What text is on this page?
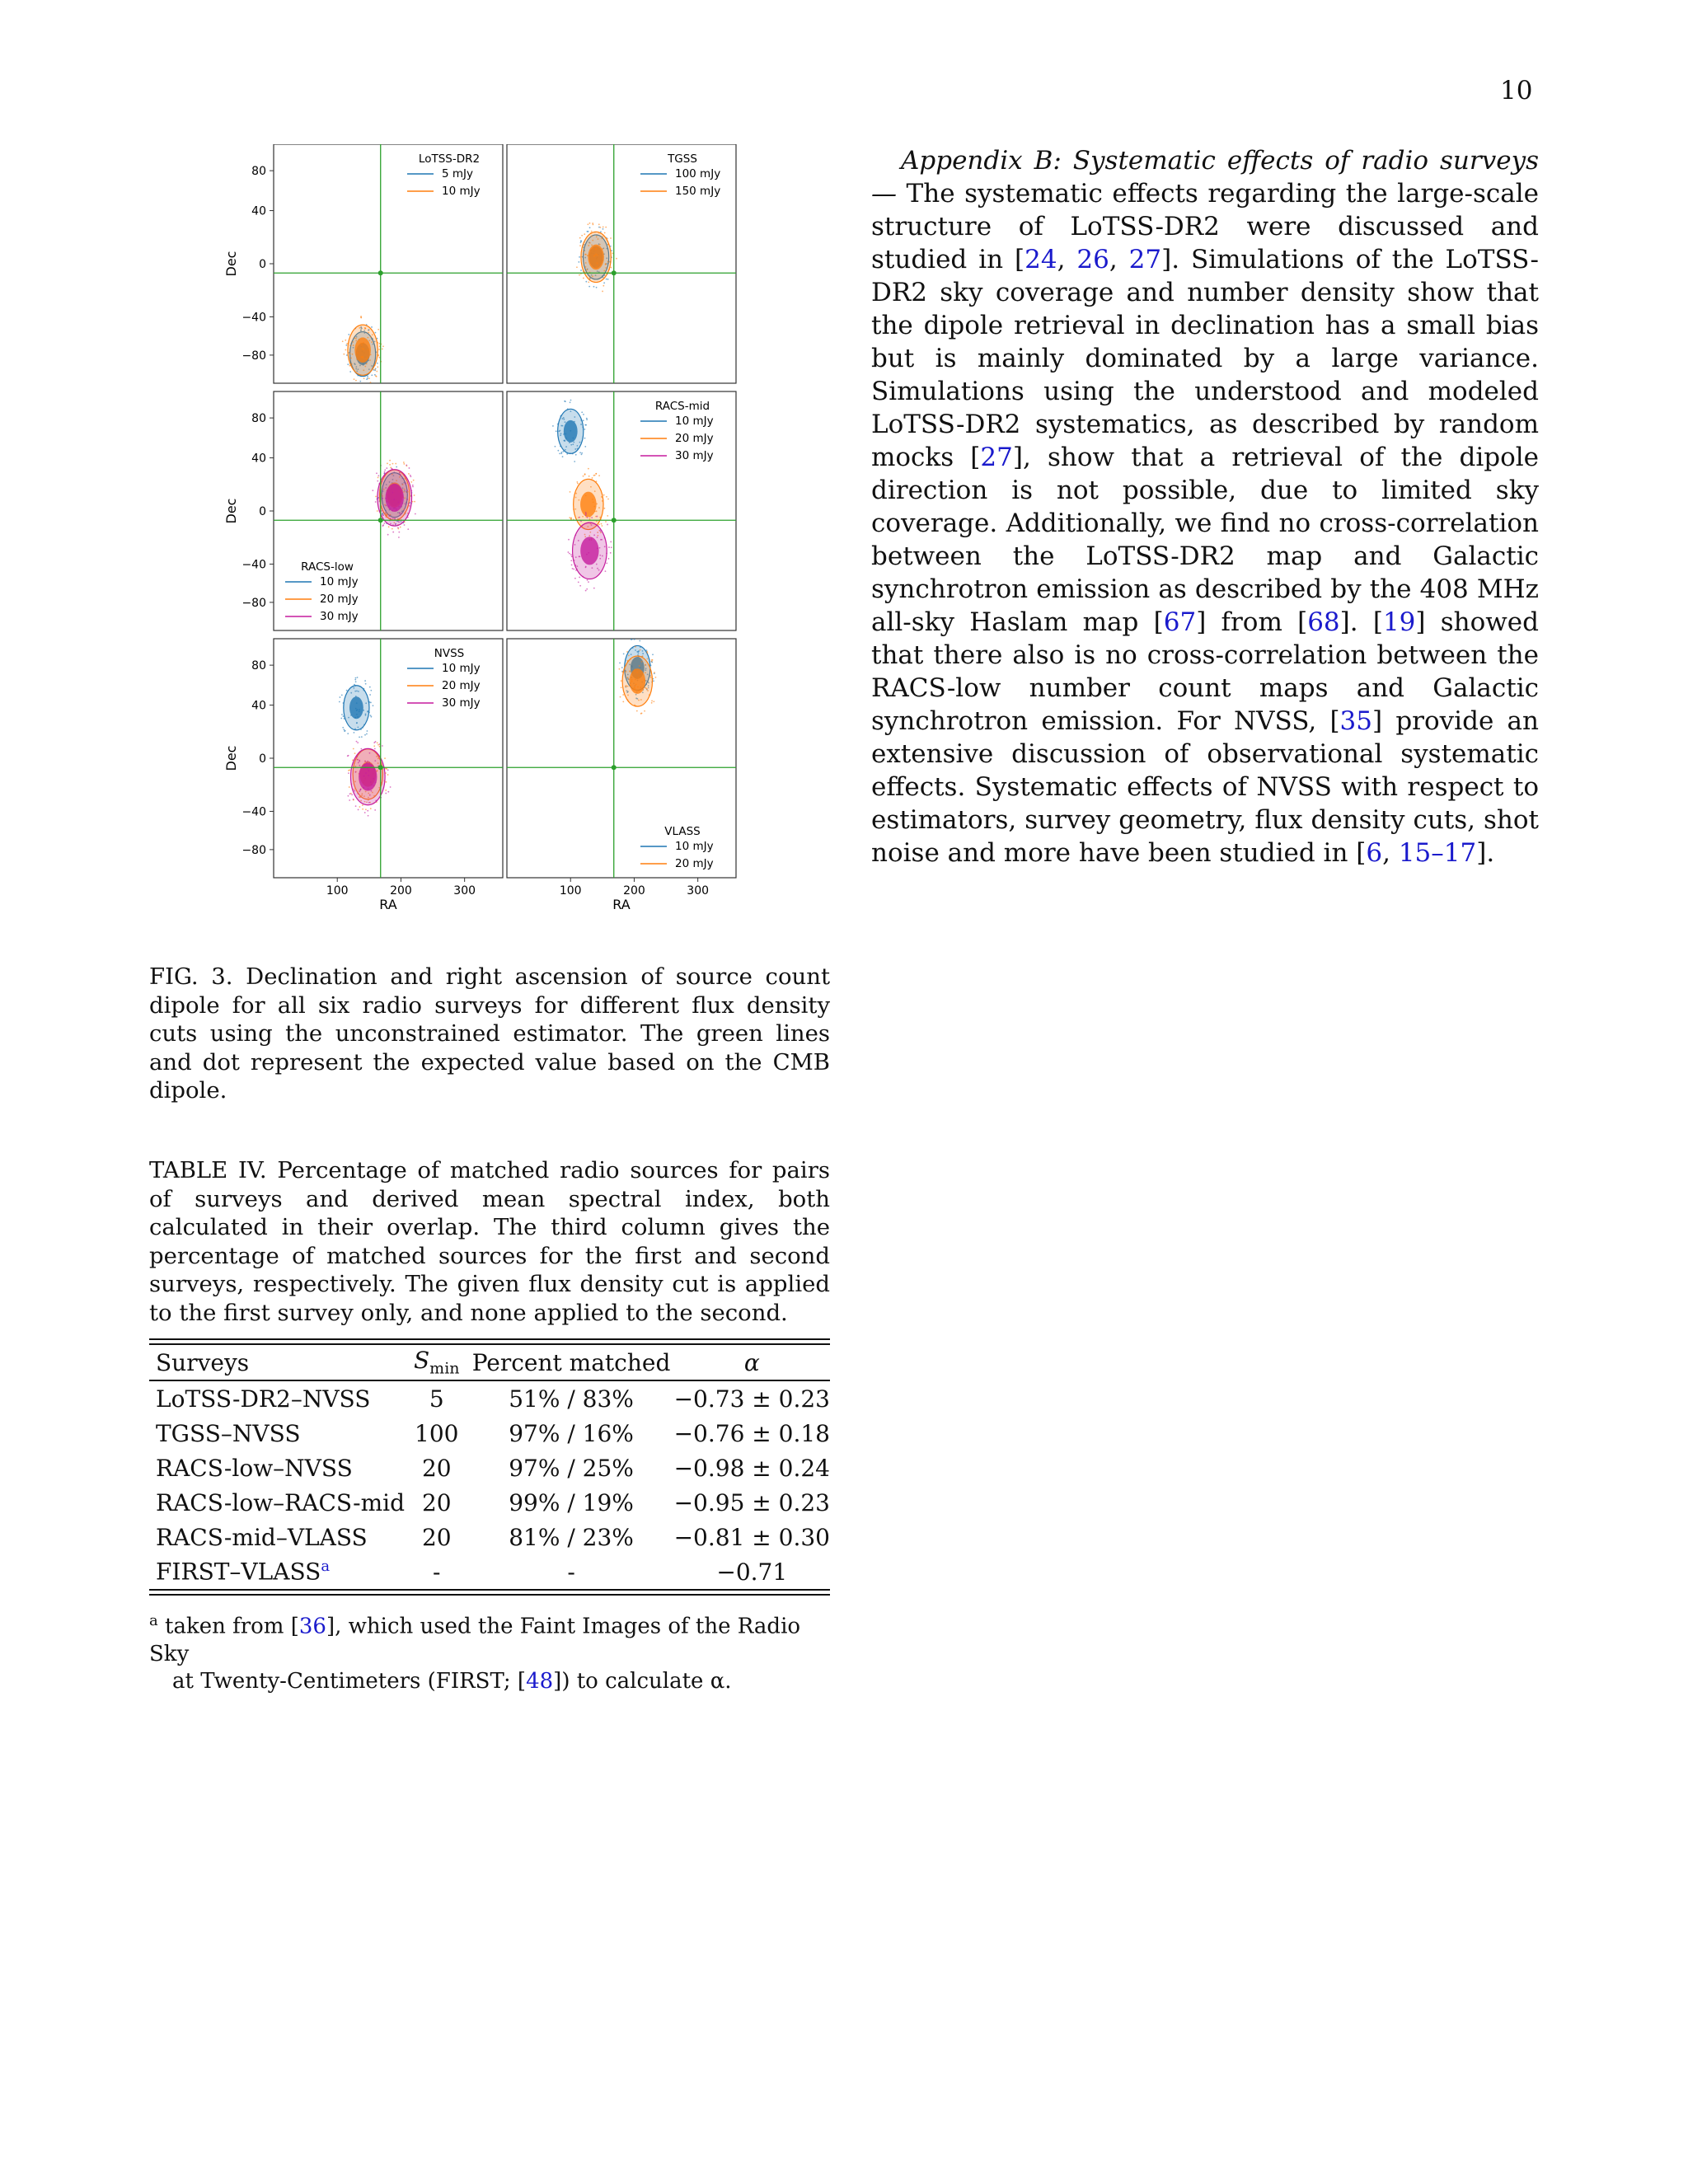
10
80
40
0
−40
−80
Dec
LoTSS-DR2
5 mJy
10 mJy
TGSS
100 mJy
150 mJy
80
40
0
−40
−80
Dec
RACS-low
10 mJy
20 mJy
30 mJy
RACS-mid
10 mJy
20 mJy
30 mJy
80
40
0
−40
−80
Dec
100	200	300
RA
NVSS
10 mJy
20 mJy
30 mJy
100	200	300
RA
VLASS
10 mJy
20 mJy
FIG. 3. Declination and right ascension of source count dipole for all six radio surveys for different flux density cuts using the unconstrained estimator. The green lines and dot represent the expected value based on the CMB dipole.
TABLE IV. Percentage of matched radio sources for pairs of surveys and derived mean spectral index, both calculated in their overlap. The third column gives the percentage of matched sources for the first and second surveys, respectively. The given flux density cut is applied to the first survey only, and none applied to the second.
Surveys	$S_{min}$	Percent matched	α
LoTSS-DR2–NVSS	5	51% / 83%	−0.73 ± 0.23
TGSS–NVSS	100	97% / 16%	−0.76 ± 0.18
RACS-low–NVSS	20	97% / 25%	−0.98 ± 0.24
RACS-low–RACS-mid	20	99% / 19%	−0.95 ± 0.23
RACS-mid–VLASS	20	81% / 23%	−0.81 ± 0.30
FIRST–VLASS$^a$	-	-	−0.71
$^a$ taken from [36], which used the Faint Images of the Radio Sky
at Twenty-Centimeters (FIRST; [48]) to calculate α.
Appendix B: Systematic effects of radio surveys— The systematic effects regarding the large-scale structure of LoTSS-DR2 were discussed and studied in [24, 26, 27]. Simulations of the LoTSS-DR2 sky coverage and number density show that the dipole retrieval in declination has a small bias but is mainly dominated by a large variance. Simulations using the understood and modeled LoTSS-DR2 systematics, as described by random mocks [27], show that a retrieval of the dipole direction is not possible, due to limited sky coverage. Additionally, we find no cross-correlation between the LoTSS-DR2 map and Galactic synchrotron emission as described by the 408 MHz all-sky Haslam map [67] from [68]. [19] showed that there also is no cross-correlation between the RACS-low number count maps and Galactic synchrotron emission. For NVSS, [35] provide an extensive discussion of observational systematic effects. Systematic effects of NVSS with respect to estimators, survey geometry, flux density cuts, shot noise and more have been studied in [6, 15–17].
